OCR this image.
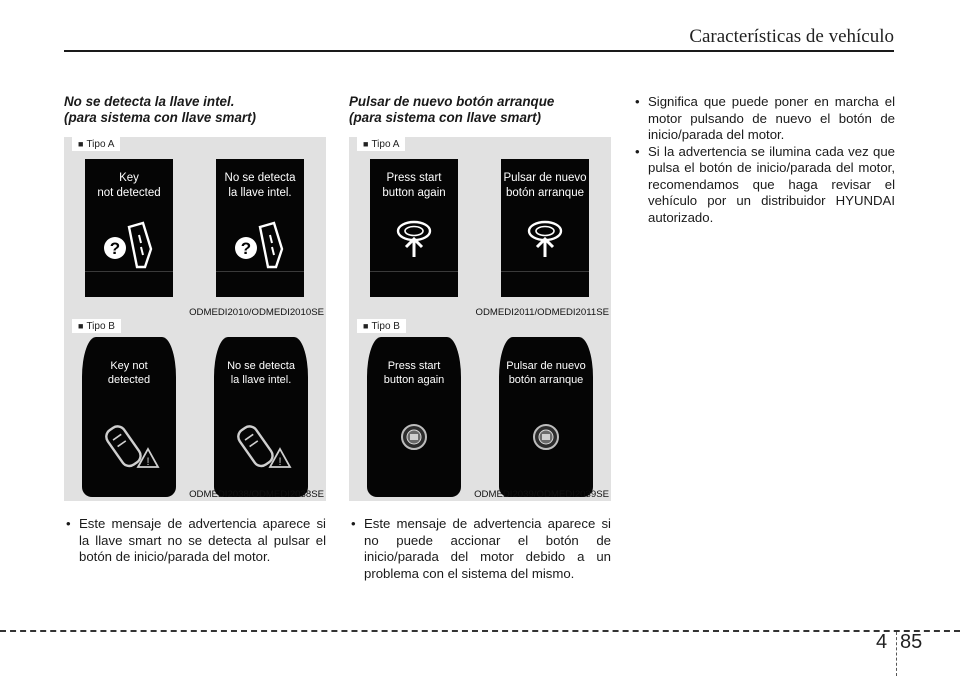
Características de vehículo
No se detecta la llave intel.
(para sistema con llave smart)
Pulsar de nuevo botón arranque
(para sistema con llave smart)
■ Tipo A
Key
not detected
?
No se detecta
la llave intel.
?
ODMEDI2010/ODMEDI2010SE
■ Tipo B
Key not
detected
!
No se detecta
la llave intel.
!
ODMEDI2038/ODMEDI2038SE
■ Tipo A
Press start
button again
Pulsar de nuevo
botón arranque
ODMEDI2011/ODMEDI2011SE
■ Tipo B
Press start
button again
Pulsar de nuevo
botón arranque
ODMEDI2039/ODMEDI2039SE
• Este mensaje de advertencia aparece si la llave smart no se detecta al pulsar el botón de inicio/parada del motor.
• Este mensaje de advertencia aparece si no puede accionar el botón de inicio/parada del motor debido a un problema con el sistema del mismo.
• Significa que puede poner en marcha el motor pulsando de nuevo el botón de inicio/parada del motor.
• Si la advertencia se ilumina cada vez que pulsa el botón de inicio/parada del motor, recomendamos que haga revisar el vehículo por un distribuidor HYUNDAI autorizado.
4 85
